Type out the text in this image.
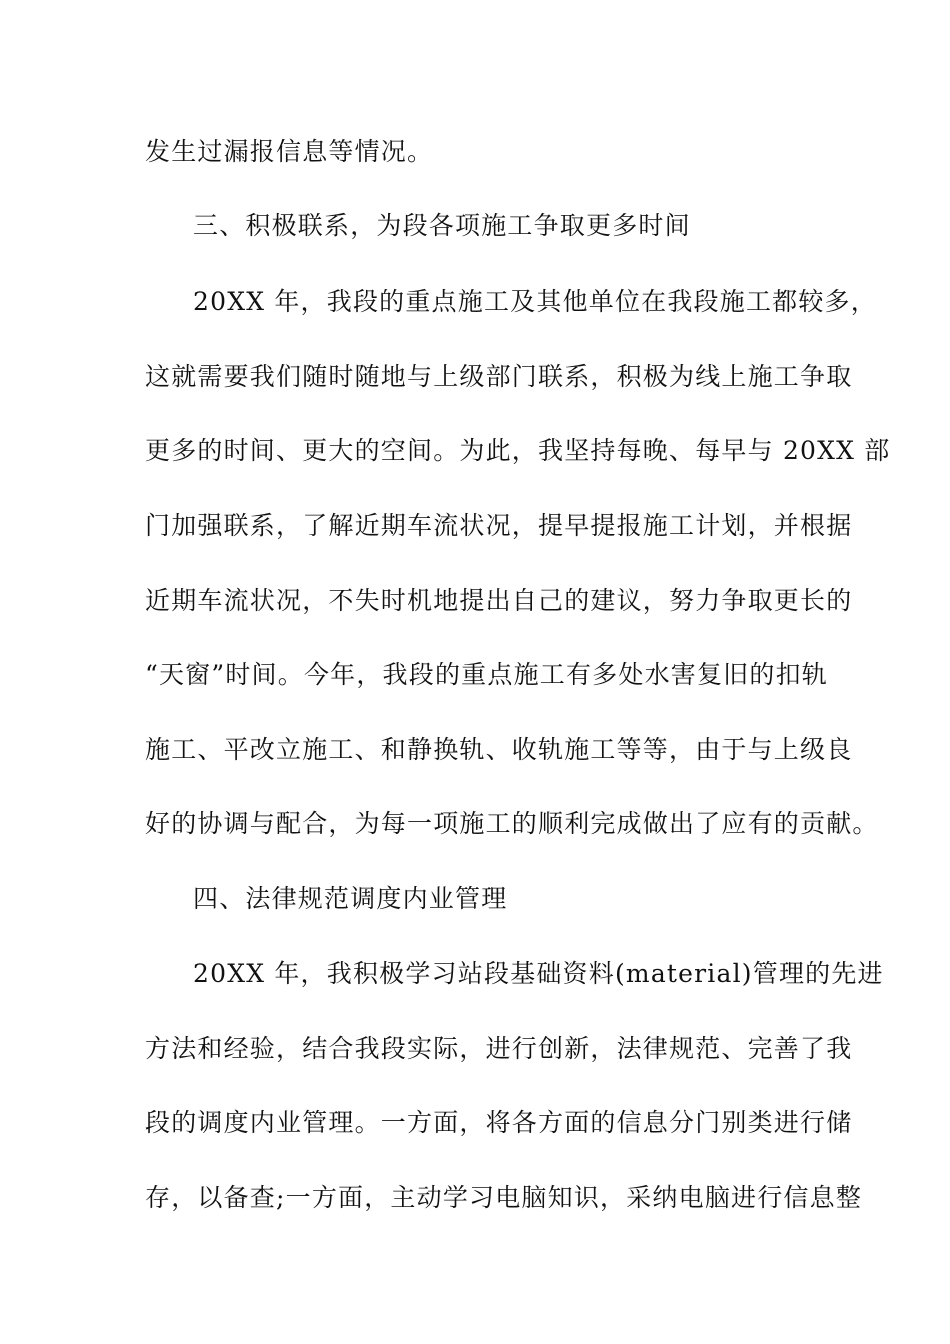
发生过漏报信息等情况。
三、积极联系，为段各项施工争取更多时间
20XX 年，我段的重点施工及其他单位在我段施工都较多，
这就需要我们随时随地与上级部门联系，积极为线上施工争取
更多的时间、更大的空间。为此，我坚持每晚、每早与 20XX 部
门加强联系，了解近期车流状况，提早提报施工计划，并根据
近期车流状况，不失时机地提出自己的建议，努力争取更长的
“天窗”时间。今年，我段的重点施工有多处水害复旧的扣轨
施工、平改立施工、和静换轨、收轨施工等等，由于与上级良
好的协调与配合，为每一项施工的顺利完成做出了应有的贡献。
四、法律规范调度内业管理
20XX 年，我积极学习站段基础资料(material)管理的先进
方法和经验，结合我段实际，进行创新，法律规范、完善了我
段的调度内业管理。一方面，将各方面的信息分门别类进行储
存，以备查;一方面，主动学习电脑知识，采纳电脑进行信息整
